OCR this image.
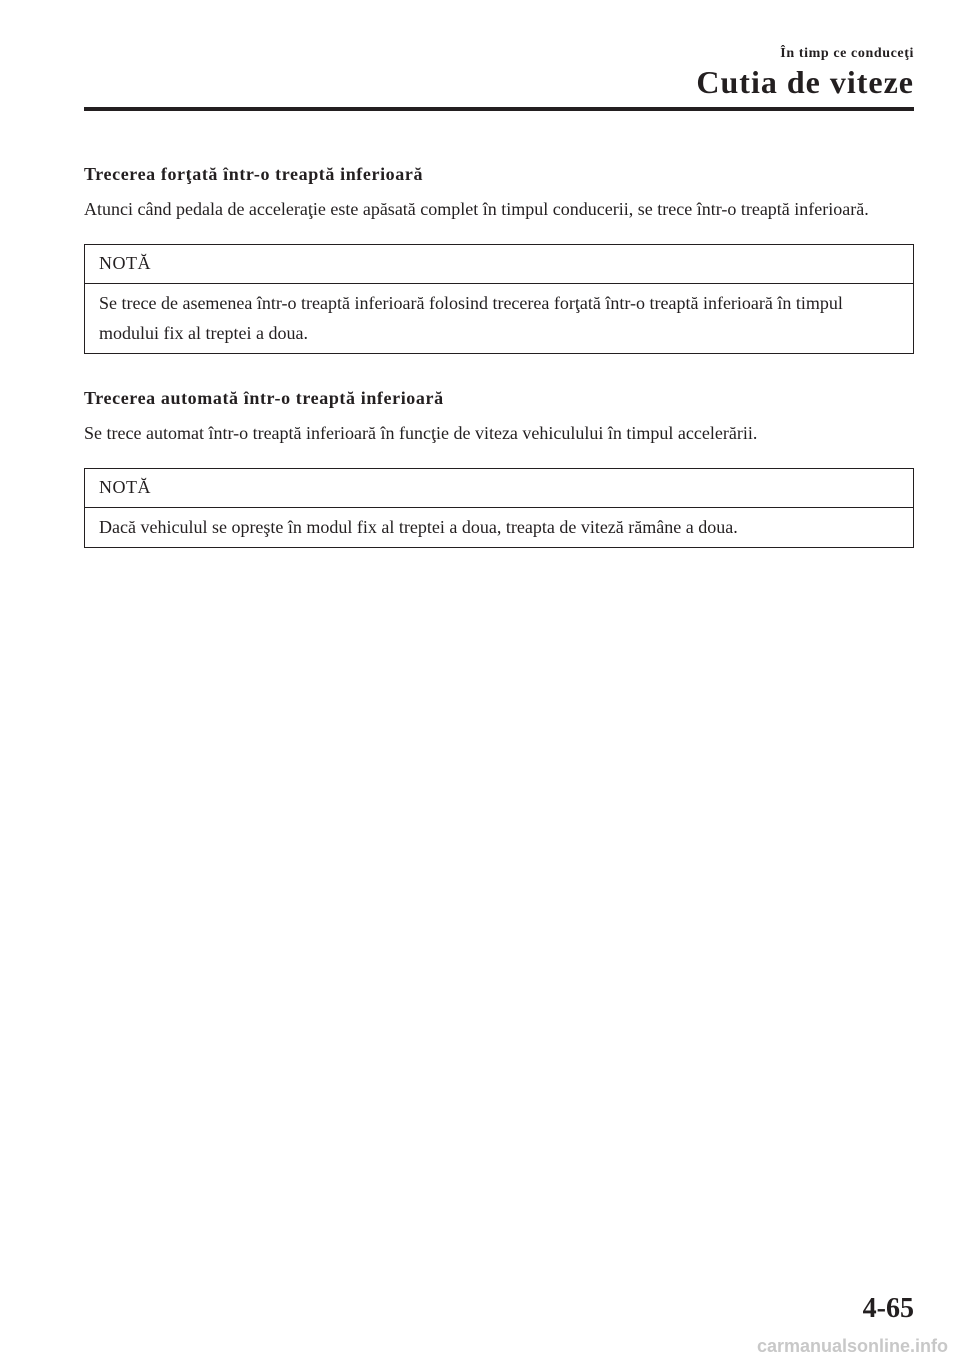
În timp ce conduceţi
Cutia de viteze
Trecerea forţată într-o treaptă inferioară

Atunci când pedala de acceleraţie este apăsată complet în timpul conducerii, se trece într-o treaptă inferioară.

NOTĂ
Se trece de asemenea într-o treaptă inferioară folosind trecerea forţată într-o treaptă inferioară în timpul modului fix al treptei a doua.
Trecerea automată într-o treaptă inferioară

Se trece automat într-o treaptă inferioară în funcţie de viteza vehiculului în timpul accelerării.

NOTĂ
Dacă vehiculul se opreşte în modul fix al treptei a doua, treapta de viteză rămâne a doua.
4-65
carmanualsonline.info
